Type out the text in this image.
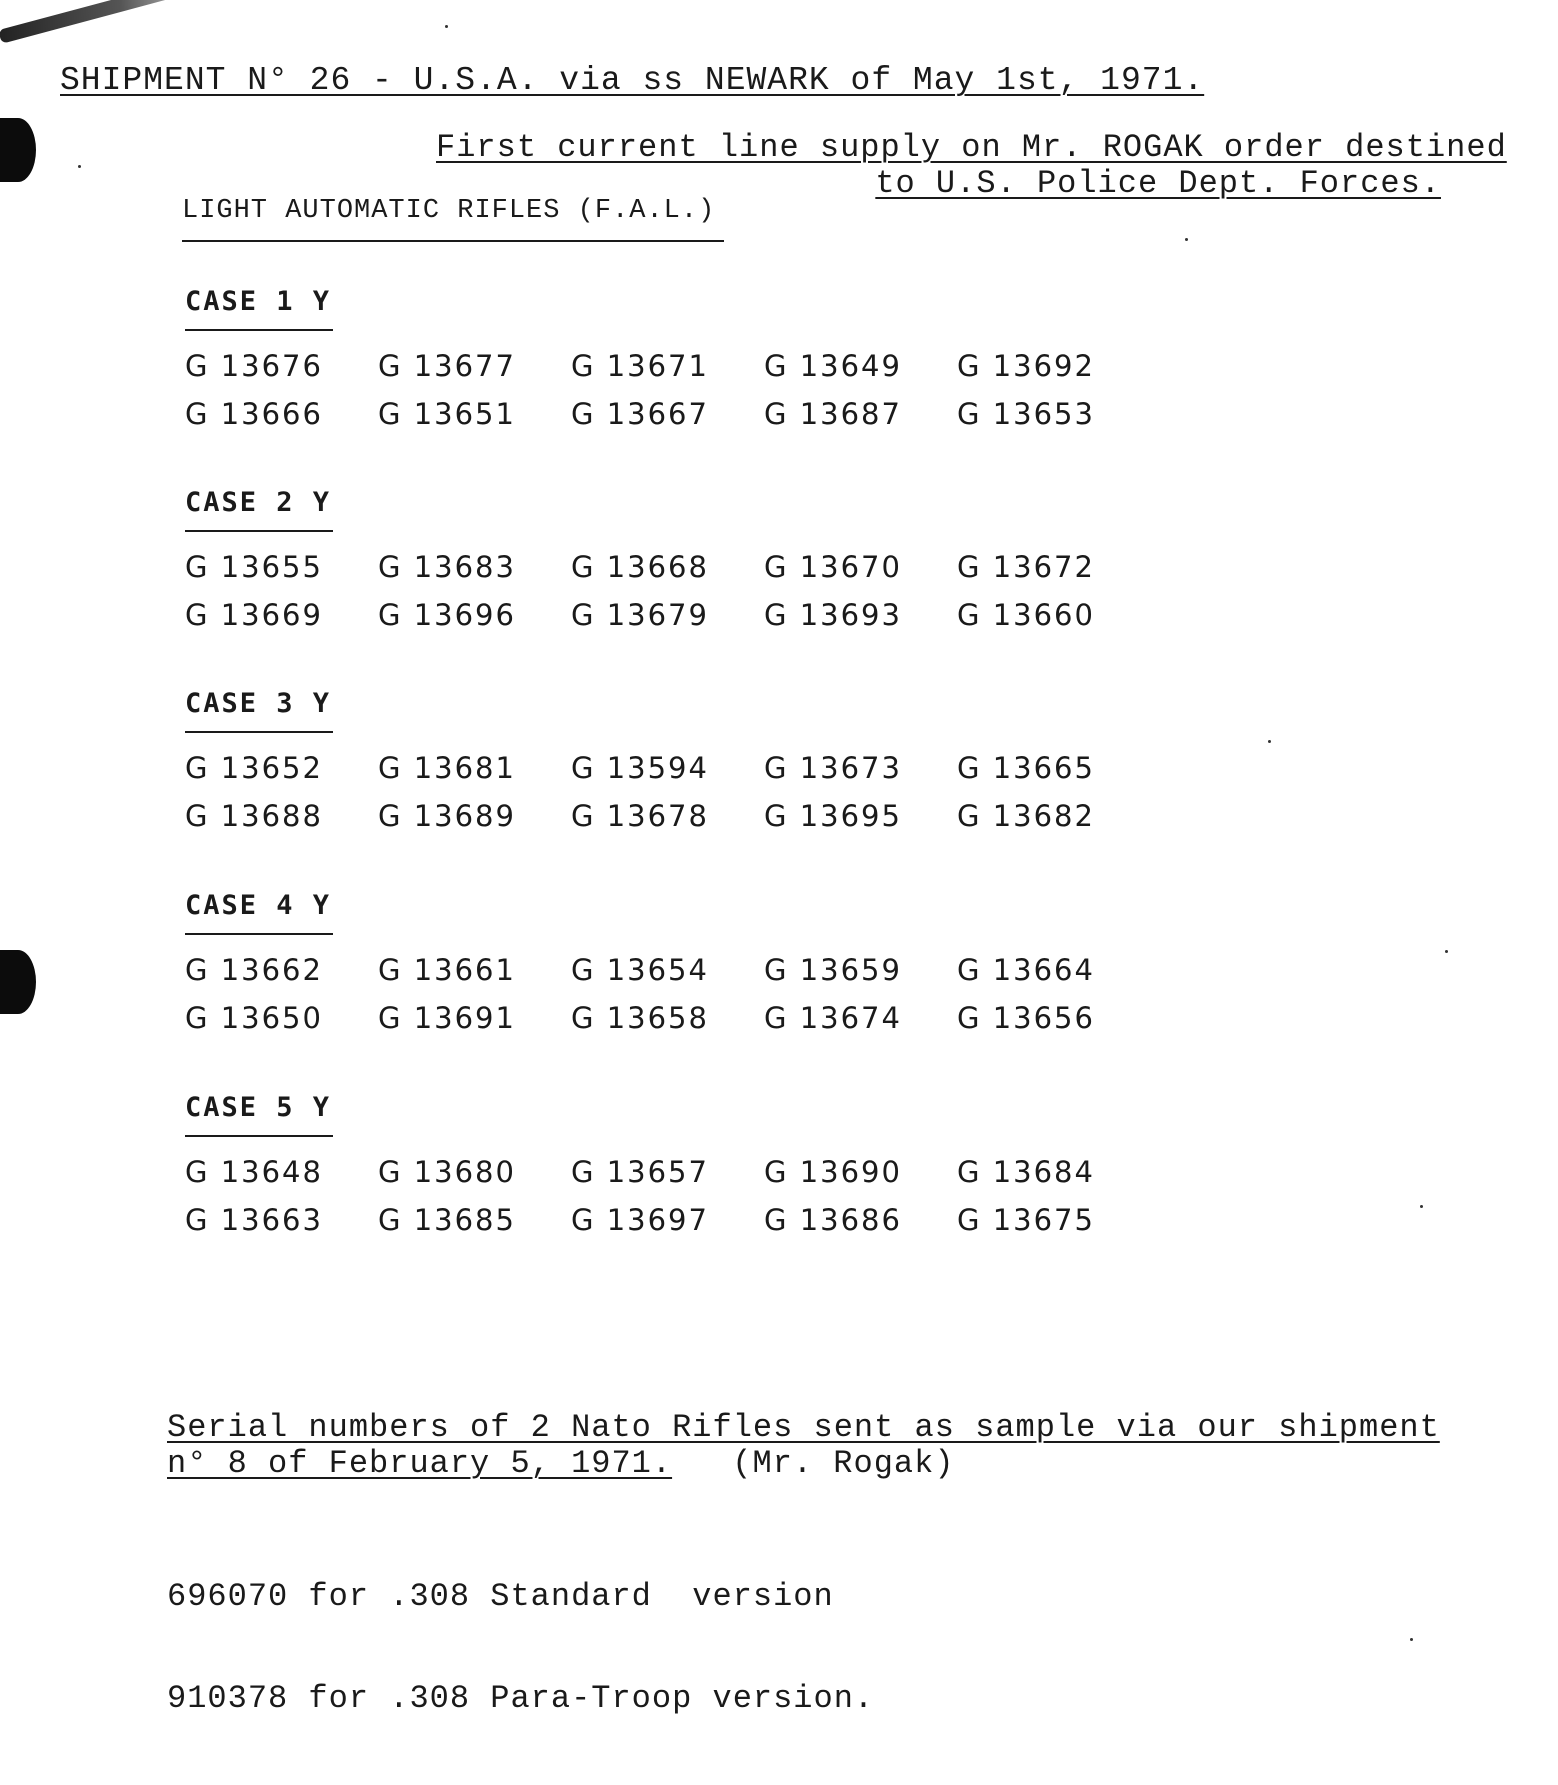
SHIPMENT N° 26 - U.S.A. via ss NEWARK of May 1st, 1971.
First current line supply on Mr. ROGAK order destined
to U.S. Police Dept. Forces.
LIGHT AUTOMATIC RIFLES (F.A.L.)
CASE 1 Y
G 13676	G 13677	G 13671	G 13649	G 13692
G 13666	G 13651	G 13667	G 13687	G 13653
CASE 2 Y
G 13655	G 13683	G 13668	G 13670	G 13672
G 13669	G 13696	G 13679	G 13693	G 13660
CASE 3 Y
G 13652	G 13681	G 13594	G 13673	G 13665
G 13688	G 13689	G 13678	G 13695	G 13682
CASE 4 Y
G 13662	G 13661	G 13654	G 13659	G 13664
G 13650	G 13691	G 13658	G 13674	G 13656
CASE 5 Y
G 13648	G 13680	G 13657	G 13690	G 13684
G 13663	G 13685	G 13697	G 13686	G 13675
Serial numbers of 2 Nato Rifles sent as sample via our shipment
n° 8 of February 5, 1971. (Mr. Rogak)

696070 for .308 Standard  version

910378 for .308 Para-Troop version.
